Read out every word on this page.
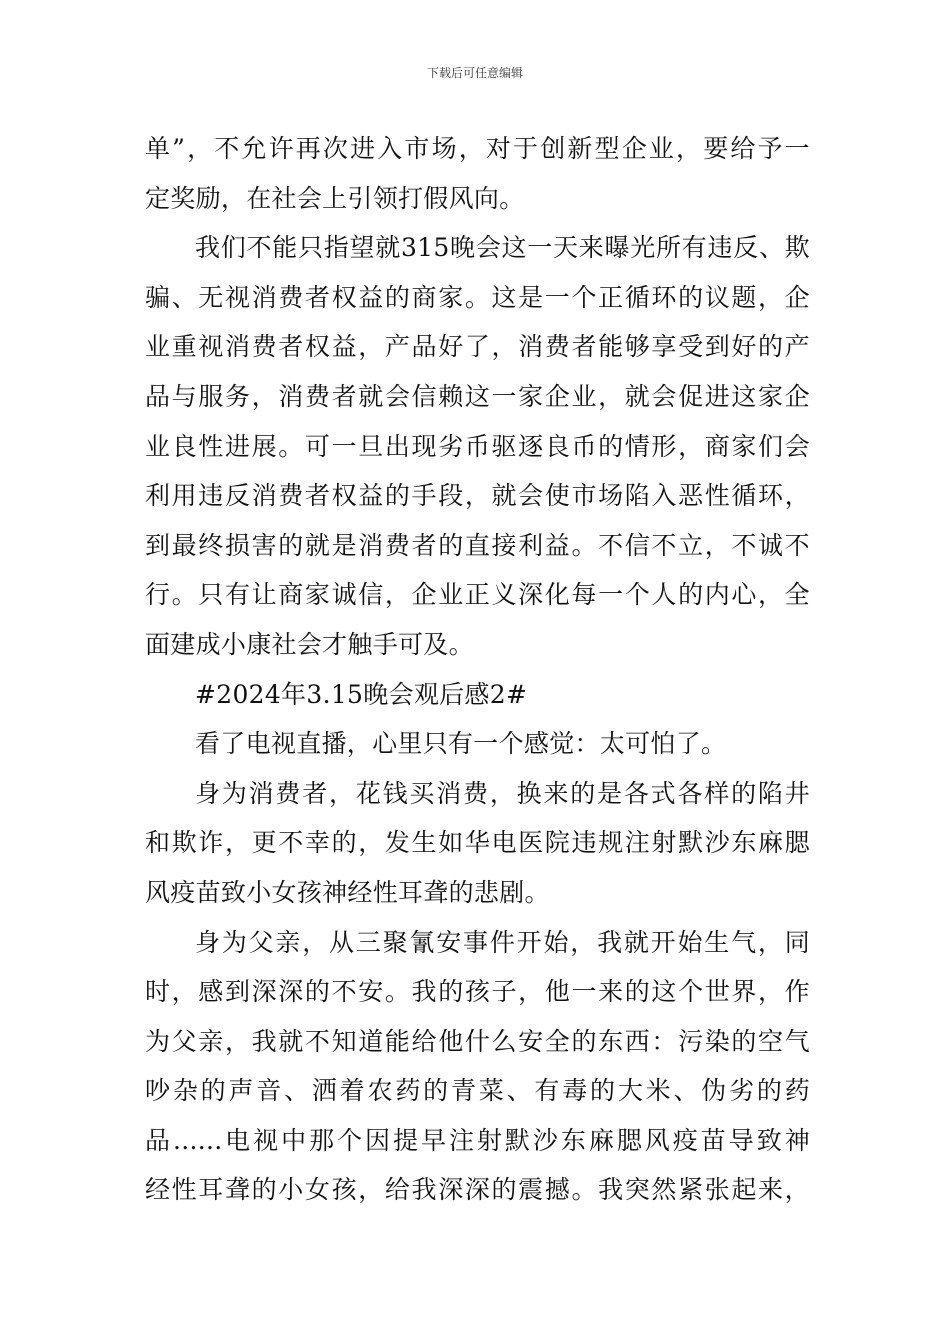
下载后可任意编辑
单”，不允许再次进入市场，对于创新型企业，要给予一
定奖励，在社会上引领打假风向。
我们不能只指望就315晚会这一天来曝光所有违反、欺
骗、无视消费者权益的商家。这是一个正循环的议题，企
业重视消费者权益，产品好了，消费者能够享受到好的产
品与服务，消费者就会信赖这一家企业，就会促进这家企
业良性进展。可一旦出现劣币驱逐良币的情形，商家们会
利用违反消费者权益的手段，就会使市场陷入恶性循环，
到最终损害的就是消费者的直接利益。不信不立，不诚不
行。只有让商家诚信，企业正义深化每一个人的内心，全
面建成小康社会才触手可及。
#2024年3.15晚会观后感2#
看了电视直播，心里只有一个感觉：太可怕了。
身为消费者，花钱买消费，换来的是各式各样的陷井
和欺诈，更不幸的，发生如华电医院违规注射默沙东麻腮
风疫苗致小女孩神经性耳聋的悲剧。
身为父亲，从三聚氰安事件开始，我就开始生气，同
时，感到深深的不安。我的孩子，他一来的这个世界，作
为父亲，我就不知道能给他什么安全的东西：污染的空气
吵杂的声音、洒着农药的青菜、有毒的大米、伪劣的药
品......电视中那个因提早注射默沙东麻腮风疫苗导致神
经性耳聋的小女孩，给我深深的震撼。我突然紧张起来，
